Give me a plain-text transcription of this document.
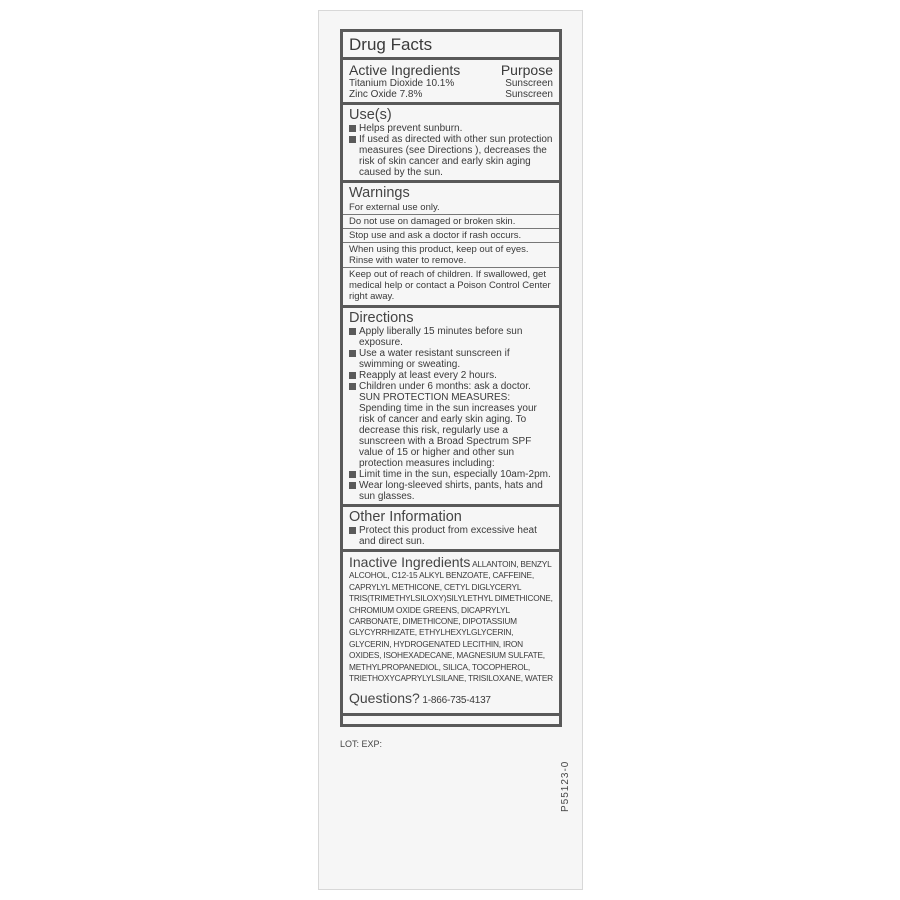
Drug Facts
Active Ingredients	Purpose
Titanium Dioxide 10.1%	Sunscreen
Zinc Oxide 7.8%	Sunscreen
Use(s)
Helps prevent sunburn.
If used as directed with other sun protection measures (see Directions ), decreases the risk of skin cancer and early skin aging caused by the sun.
Warnings
For external use only.
Do not use on damaged or broken skin.
Stop use and ask a doctor if rash occurs.
When using this product, keep out of eyes. Rinse with water to remove.
Keep out of reach of children. If swallowed, get medical help or contact a Poison Control Center right away.
Directions
Apply liberally 15 minutes before sun exposure.
Use a water resistant sunscreen if swimming or sweating.
Reapply at least every 2 hours.
Children under 6 months: ask a doctor.
SUN PROTECTION MEASURES: Spending time in the sun increases your risk of cancer and early skin aging. To decrease this risk, regularly use a sunscreen with a Broad Spectrum SPF value of 15 or higher and other sun protection measures including:
Limit time in the sun, especially 10am-2pm.
Wear long-sleeved shirts, pants, hats and sun glasses.
Other Information
Protect this product from excessive heat and direct sun.
Inactive Ingredients ALLANTOIN, BENZYL ALCOHOL, C12-15 ALKYL BENZOATE, CAFFEINE, CAPRYLYL METHICONE, CETYL DIGLYCERYL TRIS(TRIMETHYLSILOXY)SILYLETHYL DIMETHICONE, CHROMIUM OXIDE GREENS, DICAPRYLYL CARBONATE, DIMETHICONE, DIPOTASSIUM GLYCYRRHIZATE, ETHYLHEXYLGLYCERIN, GLYCERIN, HYDROGENATED LECITHIN, IRON OXIDES, ISOHEXADECANE, MAGNESIUM SULFATE, METHYLPROPANEDIOL, SILICA, TOCOPHEROL, TRIETHOXYCAPRYLYLSILANE, TRISILOXANE, WATER
Questions? 1-866-735-4137
LOT: EXP:
P55123-0
